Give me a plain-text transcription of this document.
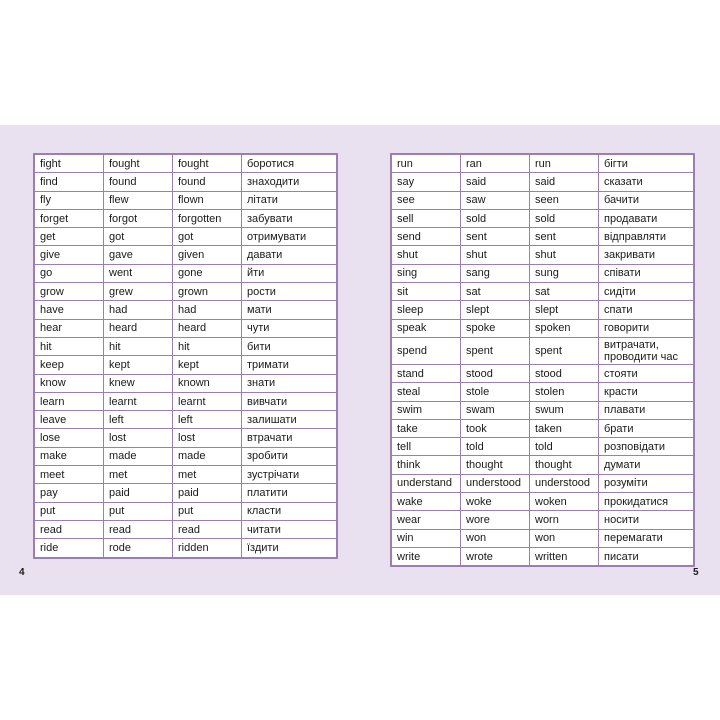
fight	fought	fought	боротися
find	found	found	знаходити
fly	flew	flown	літати
forget	forgot	forgotten	забувати
get	got	got	отримувати
give	gave	given	давати
go	went	gone	йти
grow	grew	grown	рости
have	had	had	мати
hear	heard	heard	чути
hit	hit	hit	бити
keep	kept	kept	тримати
know	knew	known	знати
learn	learnt	learnt	вивчати
leave	left	left	залишати
lose	lost	lost	втрачати
make	made	made	зробити
meet	met	met	зустрічати
pay	paid	paid	платити
put	put	put	класти
read	read	read	читати
ride	rode	ridden	їздити
run	ran	run	бігти
say	said	said	сказати
see	saw	seen	бачити
sell	sold	sold	продавати
send	sent	sent	відправляти
shut	shut	shut	закривати
sing	sang	sung	співати
sit	sat	sat	сидіти
sleep	slept	slept	спати
speak	spoke	spoken	говорити
spend	spent	spent	витрачати, проводити час
stand	stood	stood	стояти
steal	stole	stolen	красти
swim	swam	swum	плавати
take	took	taken	брати
tell	told	told	розповідати
think	thought	thought	думати
understand	understood	understood	розуміти
wake	woke	woken	прокидатися
wear	wore	worn	носити
win	won	won	перемагати
write	wrote	written	писати
4	5
